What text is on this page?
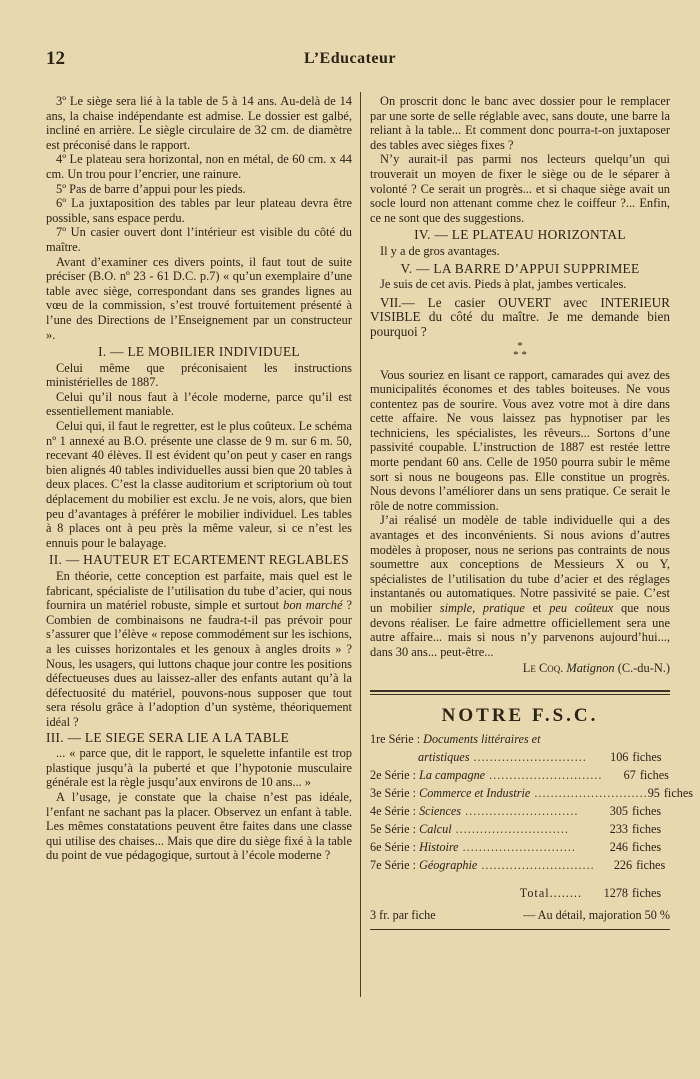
12	L’Educateur

3º Le siège sera lié à la table de 5 à 14 ans. Au-delà de 14 ans, la chaise indépendante est admise. Le dossier est galbé, incliné en arrière. Le siègle circulaire de 32 cm. de diamètre est préconisé dans le rapport.

4º Le plateau sera horizontal, non en métal, de 60 cm. x 44 cm. Un trou pour l’encrier, une rainure.

5º Pas de barre d’appui pour les pieds.

6º La juxtaposition des tables par leur plateau devra être possible, sans espace perdu.

7º Un casier ouvert dont l’intérieur est visible du côté du maître.

Avant d’examiner ces divers points, il faut tout de suite préciser (B.O. nº 23 - 61 D.C. p.7) « qu’un exemplaire d’une table avec siège, correspondant dans ses grandes lignes au vœu de la commission, s’est trouvé fortuitement présenté à l’une des Directions de l’Enseignement par un constructeur ».

I. — LE MOBILIER INDIVIDUEL

Celui même que préconisaient les instructions ministérielles de 1887.

Celui qu’il nous faut à l’école moderne, parce qu’il est essentiellement maniable.

Celui qui, il faut le regretter, est le plus coûteux. Le schéma nº 1 annexé au B.O. présente une classe de 9 m. sur 6 m. 50, recevant 40 élèves. Il est évident qu’on peut y caser en rangs bien alignés 40 tables individuelles aussi bien que 20 tables à deux places. C’est la classe auditorium et scriptorium où tout déplacement du mobilier est exclu. Je ne vois, alors, que bien peu d’avantages à préférer le mobilier individuel. Les tables à 8 places ont à peu près la même valeur, si ce n’est les ennuis pour le balayage.

II. — HAUTEUR ET ECARTEMENT REGLABLES

En théorie, cette conception est parfaite, mais quel est le fabricant, spécialiste de l’utilisation du tube d’acier, qui nous fournira un matériel robuste, simple et surtout bon marché ? Combien de combinaisons ne faudra-t-il pas prévoir pour s’assurer que l’élève « repose commodément sur les ischions, a les cuisses horizontales et les genoux à angles droits » ? Nous, les usagers, qui luttons chaque jour contre les positions défectueuses dues au laissez-aller des enfants autant qu’à la défectuosité du matériel, pouvons-nous supposer que tout sera résolu grâce à l’adoption d’un système, théoriquement idéal ?

III. — LE SIEGE SERA LIE A LA TABLE

... « parce que, dit le rapport, le squelette infantile est trop plastique jusqu’à la puberté et que l’hypotonie musculaire générale est la règle jusqu’aux environs de 10 ans... »

A l’usage, je constate que la chaise n’est pas idéale, l’enfant ne sachant pas la placer. Observez un enfant à table. Les mêmes constatations peuvent être faites dans une classe qui utilise des chaises... Mais que dire du siège fixé à la table du point de vue pédagogique, surtout à l’école moderne ?

On proscrit donc le banc avec dossier pour le remplacer par une sorte de selle réglable avec, sans doute, une barre la reliant à la table... Et comment donc pourra-t-on juxtaposer des tables avec sièges fixes ?

N’y aurait-il pas parmi nos lecteurs quelqu’un qui trouverait un moyen de fixer le siège ou de le séparer à volonté ? Ce serait un progrès... et si chaque siège avait un socle lourd non attenant comme chez le coiffeur ?... Enfin, ce ne sont que des suggestions.

IV. — LE PLATEAU HORIZONTAL

Il y a de gros avantages.

V. — LA BARRE D’APPUI SUPPRIMEE

Je suis de cet avis. Pieds à plat, jambes verticales.

VII.— Le casier OUVERT avec INTERIEUR VISIBLE du côté du maître. Je me demande bien pourquoi ?

*
* *

Vous souriez en lisant ce rapport, camarades qui avez des municipalités économes et des tables boiteuses. Ne vous contentez pas de sourire. Vous avez votre mot à dire dans cette affaire. Ne vous laissez pas hypnotiser par les techniciens, les spécialistes, les rêveurs... Sortons d’une passivité coupable. L’instruction de 1887 est restée lettre morte pendant 60 ans. Celle de 1950 pourra subir le même sort si nous ne bougeons pas. Elle constitue un progrès. Nous devons l’améliorer dans un sens pratique. Ce serait le rôle de notre commission.

J’ai réalisé un modèle de table individuelle qui a des avantages et des inconvénients. Si nous avions d’autres modèles à proposer, nous ne serions pas contraints de nous soumettre aux conceptions de Messieurs X ou Y, spécialistes de l’utilisation du tube d’acier et des réglages instantanés ou automatiques. Notre passivité se paie. C’est un mobilier simple, pratique et peu coûteux que nous devons réaliser. Le faire admettre officiellement sera une autre affaire... mais si nous n’y parvenons aujourd’hui..., dans 30 ans... peut-être...

Le Coq. Matignon (C.-du-N.)
NOTRE F.S.C.
1re Série : Documents littéraires et
artistiques ............................	106 fiches
2e Série : La campagne ............................	67 fiches
3e Série : Commerce et Industrie ............................ 95 fiches
4e Série : Sciences ............................	305 fiches
5e Série : Calcul ............................	233 fiches
6e Série : Histoire ............................	246 fiches
7e Série : Géographie ............................	226 fiches
Total........	1278 fiches
3 fr. par fiche	— Au détail, majoration 50 %
